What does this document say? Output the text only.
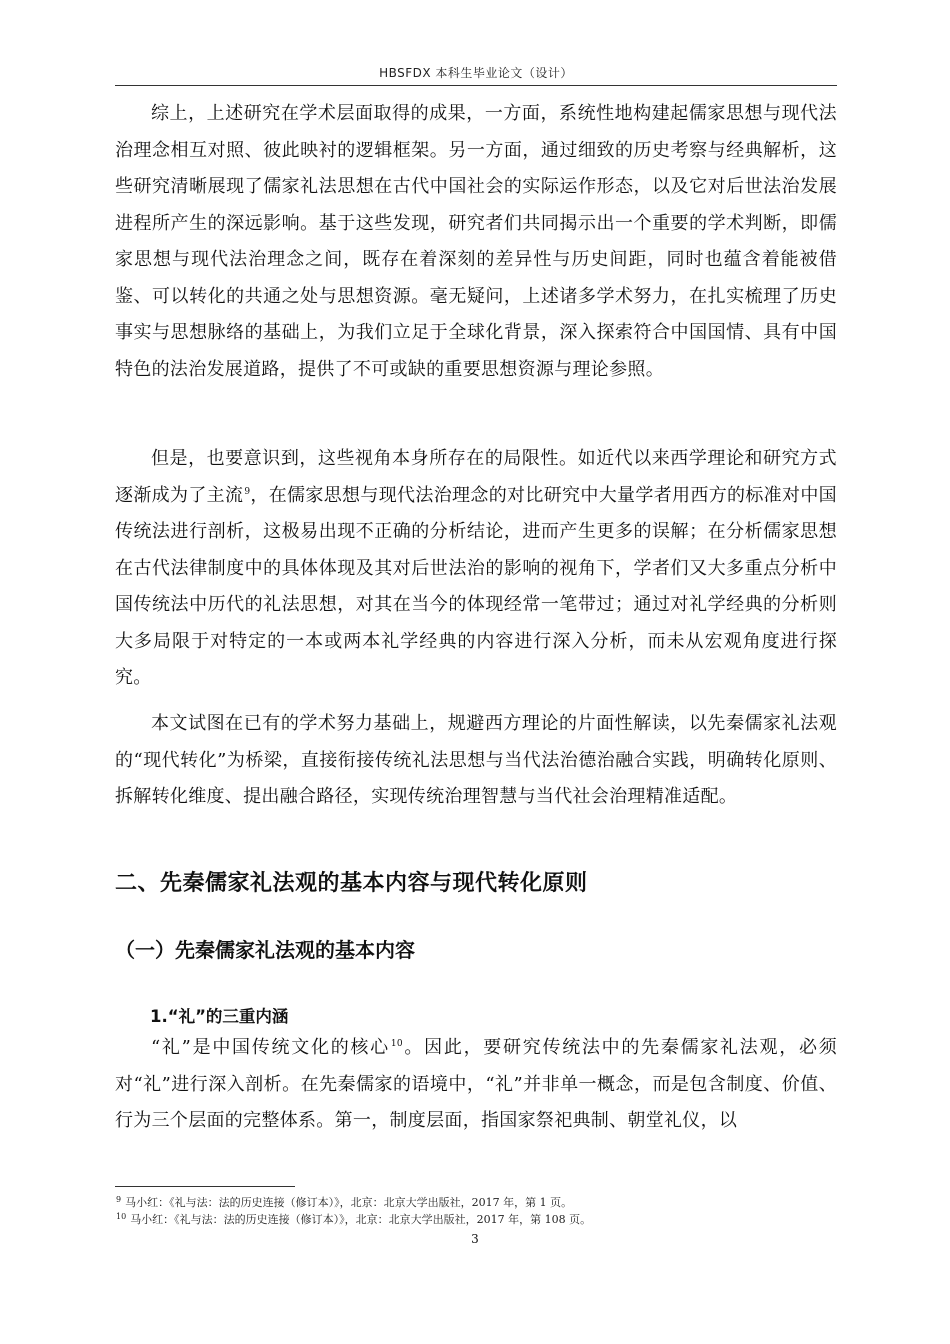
HBSFDX 本科生毕业论文（设计）

综上，上述研究在学术层面取得的成果，一方面，系统性地构建起儒家思想与现代法治理念相互对照、彼此映衬的逻辑框架。另一方面，通过细致的历史考察与经典解析，这些研究清晰展现了儒家礼法思想在古代中国社会的实际运作形态，以及它对后世法治发展进程所产生的深远影响。基于这些发现，研究者们共同揭示出一个重要的学术判断，即儒家思想与现代法治理念之间，既存在着深刻的差异性与历史间距，同时也蕴含着能被借鉴、可以转化的共通之处与思想资源。毫无疑问，上述诸多学术努力，在扎实梳理了历史事实与思想脉络的基础上，为我们立足于全球化背景，深入探索符合中国国情、具有中国特色的法治发展道路，提供了不可或缺的重要思想资源与理论参照。

但是，也要意识到，这些视角本身所存在的局限性。如近代以来西学理论和研究方式逐渐成为了主流$^9$，在儒家思想与现代法治理念的对比研究中大量学者用西方的标准对中国传统法进行剖析，这极易出现不正确的分析结论，进而产生更多的误解；在分析儒家思想在古代法律制度中的具体体现及其对后世法治的影响的视角下，学者们又大多重点分析中国传统法中历代的礼法思想，对其在当今的体现经常一笔带过；通过对礼学经典的分析则大多局限于对特定的一本或两本礼学经典的内容进行深入分析，而未从宏观角度进行探究。

本文试图在已有的学术努力基础上，规避西方理论的片面性解读，以先秦儒家礼法观的“现代转化”为桥梁，直接衔接传统礼法思想与当代法治德治融合实践，明确转化原则、拆解转化维度、提出融合路径，实现传统治理智慧与当代社会治理精准适配。

二、先秦儒家礼法观的基本内容与现代转化原则
（一）先秦儒家礼法观的基本内容
1.“礼”的三重内涵

“礼”是中国传统文化的核心$^{10}$。因此，要研究传统法中的先秦儒家礼法观，必须对“礼”进行深入剖析。在先秦儒家的语境中，“礼”并非单一概念，而是包含制度、价值、行为三个层面的完整体系。第一，制度层面，指国家祭祀典制、朝堂礼仪，以

$^9$ 马小红：《礼与法：法的历史连接（修订本）》，北京：北京大学出版社，2017 年，第 1 页。

$^{10}$ 马小红：《礼与法：法的历史连接（修订本）》，北京：北京大学出版社，2017 年，第 108 页。

3
